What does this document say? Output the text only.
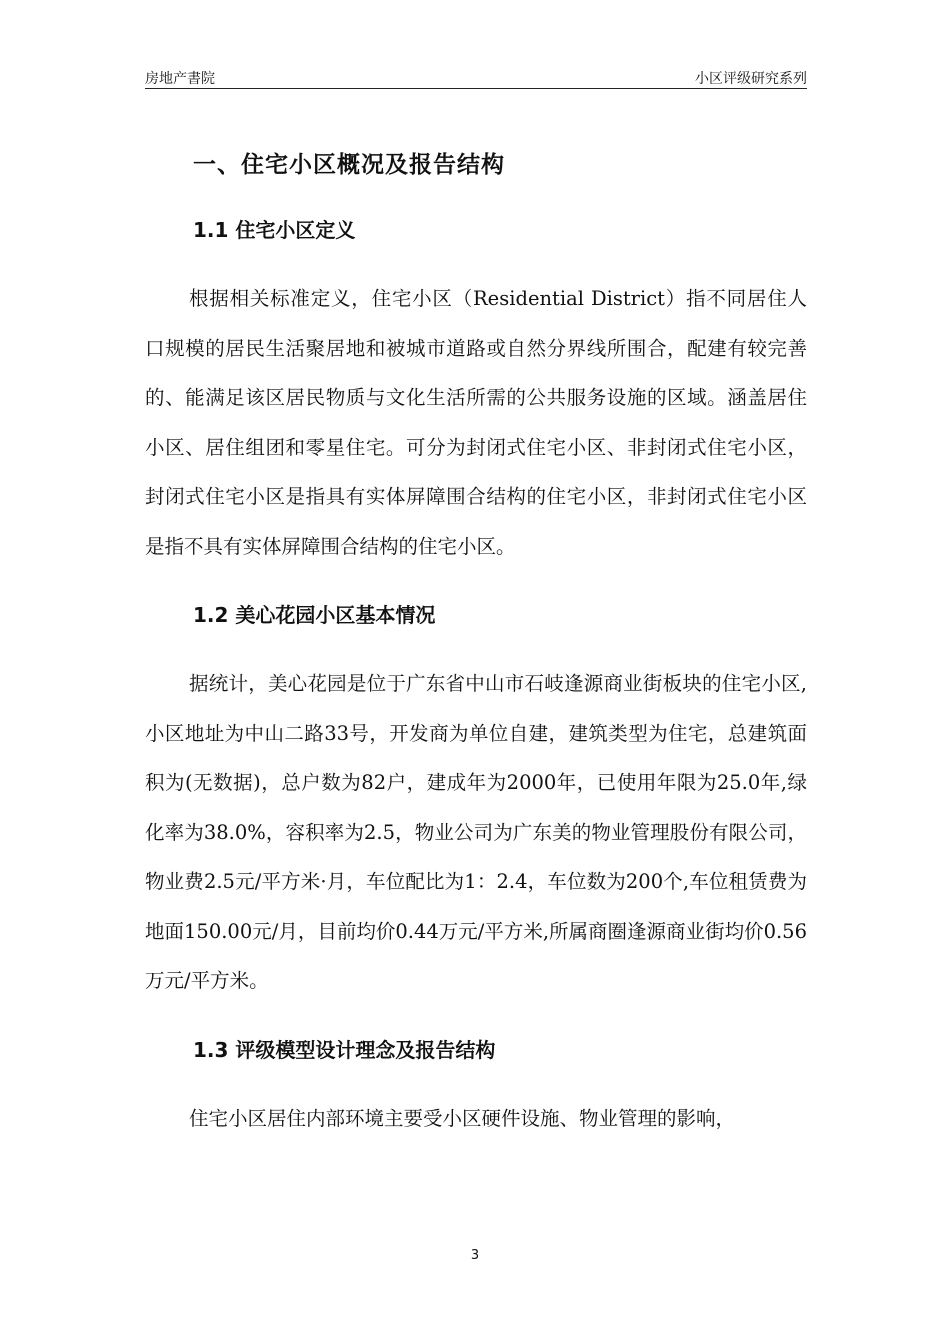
房地产書院	小区评级研究系列
一、住宅小区概况及报告结构
1.1 住宅小区定义

根据相关标准定义，住宅小区（Residential District）指不同居住人口规模的居民生活聚居地和被城市道路或自然分界线所围合，配建有较完善的、能满足该区居民物质与文化生活所需的公共服务设施的区域。涵盖居住小区、居住组团和零星住宅。可分为封闭式住宅小区、非封闭式住宅小区，封闭式住宅小区是指具有实体屏障围合结构的住宅小区，非封闭式住宅小区是指不具有实体屏障围合结构的住宅小区。

1.2 美心花园小区基本情况

据统计，美心花园是位于广东省中山市石岐逢源商业街板块的住宅小区,小区地址为中山二路33号，开发商为单位自建，建筑类型为住宅，总建筑面积为(无数据)，总户数为82户，建成年为2000年，已使用年限为25.0年,绿化率为38.0%，容积率为2.5，物业公司为广东美的物业管理股份有限公司，物业费2.5元/平方米·月，车位配比为1：2.4，车位数为200个,车位租赁费为地面150.00元/月，目前均价0.44万元/平方米,所属商圈逢源商业街均价0.56万元/平方米。

1.3 评级模型设计理念及报告结构

住宅小区居住内部环境主要受小区硬件设施、物业管理的影响，

3
